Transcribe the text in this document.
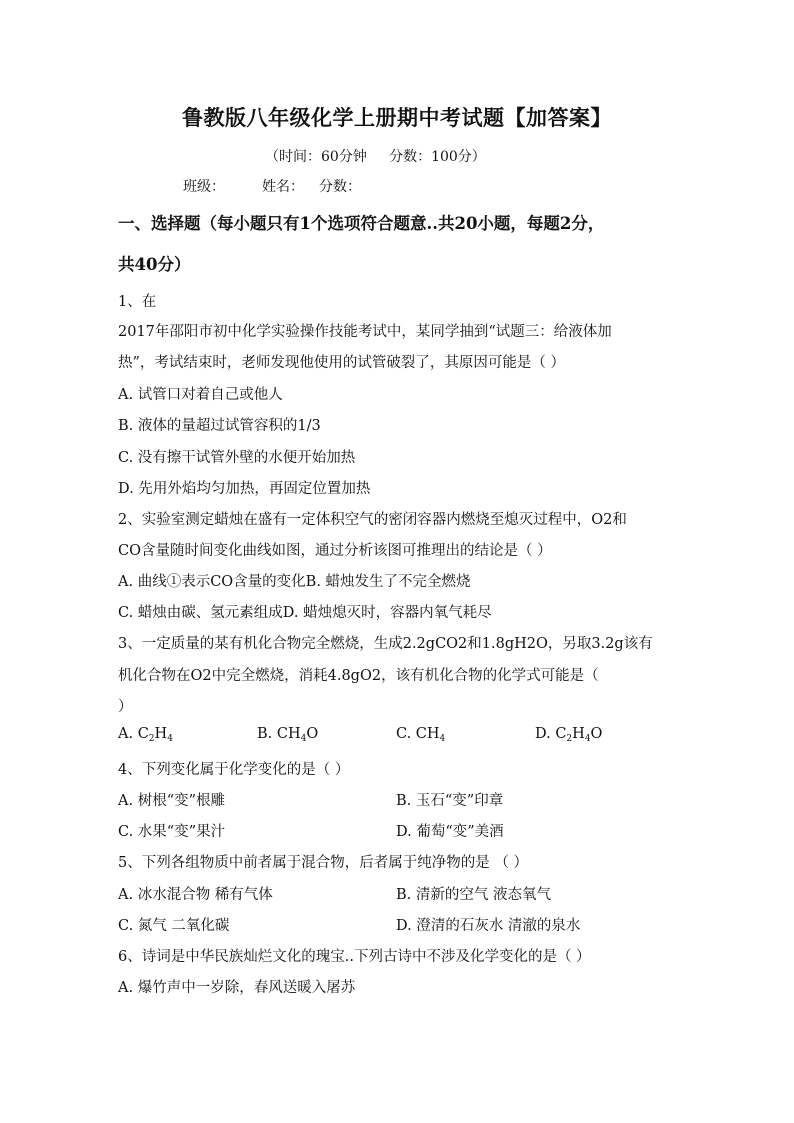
鲁教版八年级化学上册期中考试题【加答案】
（时间：60分钟     分数：100分）
班级：	姓名： 分数：
一、选择题（每小题只有1个选项符合题意..共20小题，每题2分，
共40分）
1、在
2017年邵阳市初中化学实验操作技能考试中，某同学抽到“试题三：给液体加
热”，考试结束时，老师发现他使用的试管破裂了，其原因可能是（ ）
A. 试管口对着自己或他人
B. 液体的量超过试管容积的1/3
C. 没有擦干试管外壁的水便开始加热
D. 先用外焰均匀加热，再固定位置加热
2、实验室测定蜡烛在盛有一定体积空气的密闭容器内燃烧至熄灭过程中，O2和
CO含量随时间变化曲线如图，通过分析该图可推理出的结论是（ ）
A. 曲线①表示CO含量的变化B. 蜡烛发生了不完全燃烧
C. 蜡烛由碳、氢元素组成D. 蜡烛熄灭时，容器内氧气耗尽
3、一定质量的某有机化合物完全燃烧，生成2.2gCO2和1.8gH2O，另取3.2g该有
机化合物在O2中完全燃烧，消耗4.8gO2，该有机化合物的化学式可能是（
）
A. $C_2H_4$	B. $CH_4O$	C. $CH_4$	D. $C_2H_4O$
4、下列变化属于化学变化的是（ ）
A. 树根“变”根雕	B. 玉石“变”印章
C. 水果“变”果汁	D. 葡萄“变”美酒
5、下列各组物质中前者属于混合物，后者属于纯净物的是 （ ）
A. 冰水混合物 稀有气体	B. 清新的空气 液态氧气
C. 氮气 二氧化碳	D. 澄清的石灰水 清澈的泉水
6、诗词是中华民族灿烂文化的瑰宝..下列古诗中不涉及化学变化的是（ ）
A. 爆竹声中一岁除，春风送暖入屠苏
